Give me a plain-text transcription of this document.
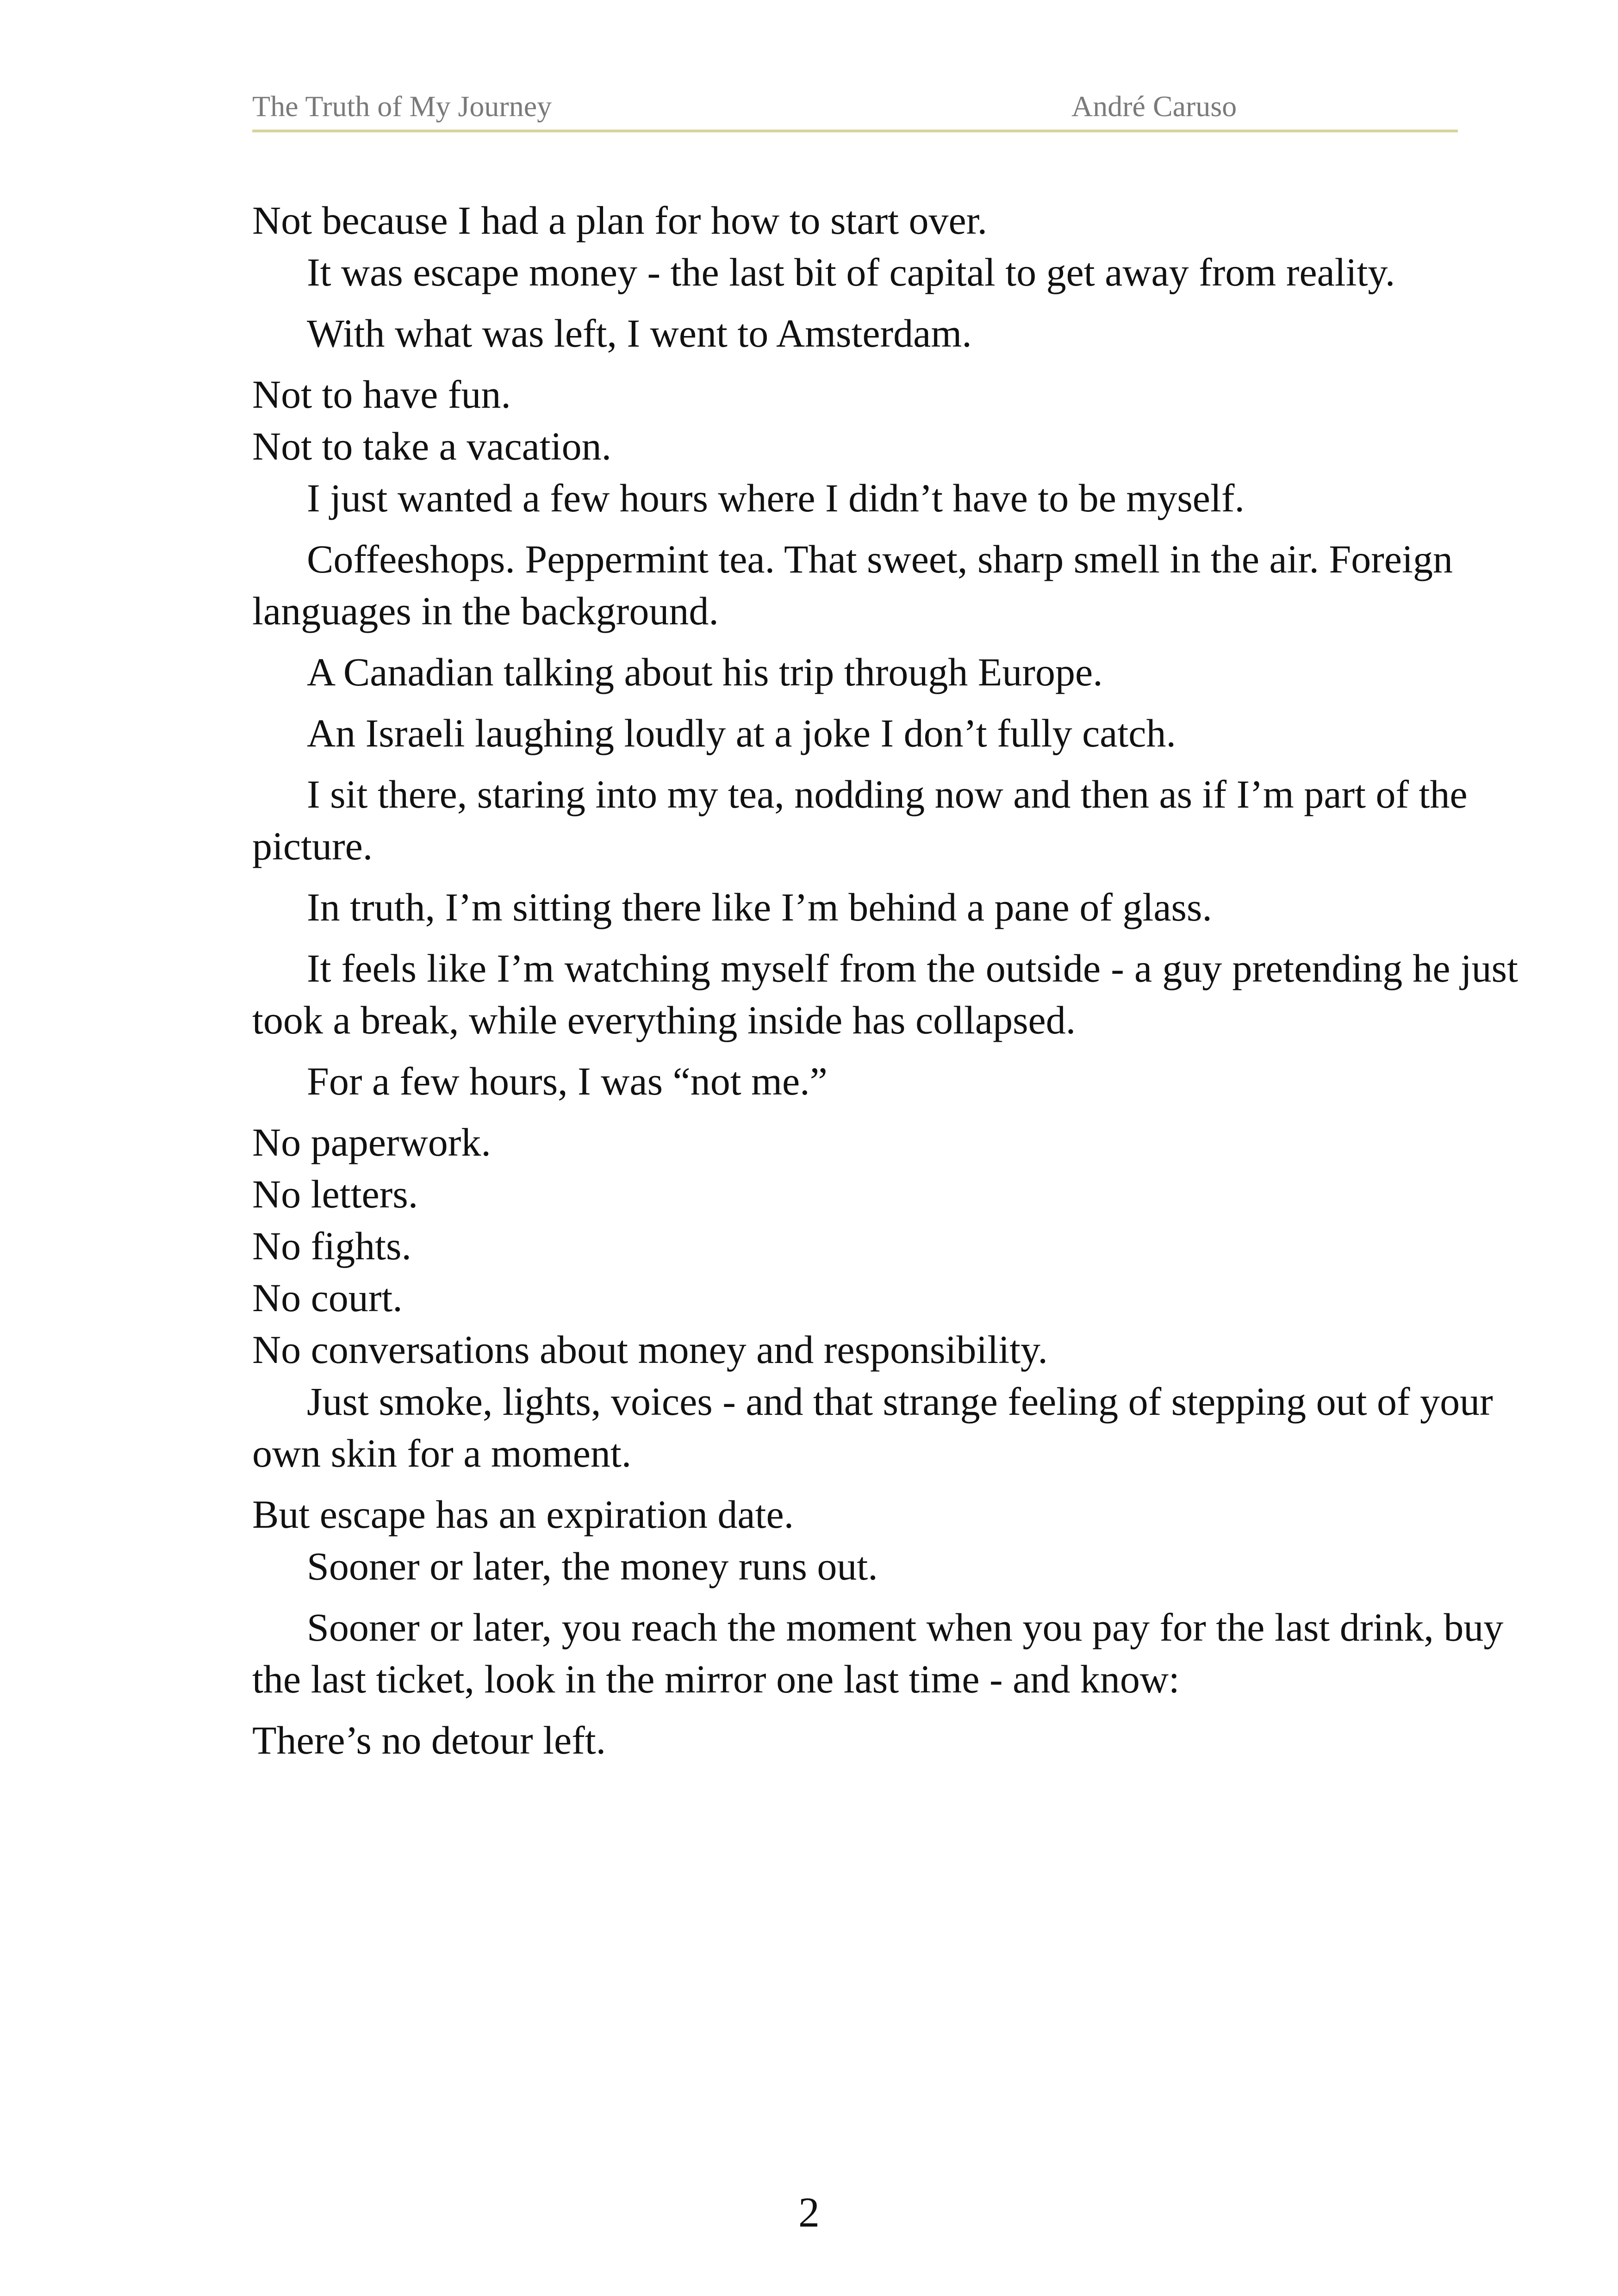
The Truth of My Journey	André Caruso

Not because I had a plan for how to start over.

It was escape money - the last bit of capital to get away from reality.

With what was left, I went to Amsterdam.

Not to have fun.

Not to take a vacation.

I just wanted a few hours where I didn’t have to be myself.

Coffeeshops. Peppermint tea. That sweet, sharp smell in the air. Foreign languages in the background.

A Canadian talking about his trip through Europe.

An Israeli laughing loudly at a joke I don’t fully catch.

I sit there, staring into my tea, nodding now and then as if I’m part of the picture.

In truth, I’m sitting there like I’m behind a pane of glass.

It feels like I’m watching myself from the outside - a guy pretending he just took a break, while everything inside has collapsed.

For a few hours, I was “not me.”

No paperwork.

No letters.

No fights.

No court.

No conversations about money and responsibility.

Just smoke, lights, voices - and that strange feeling of stepping out of your own skin for a moment.

But escape has an expiration date.

Sooner or later, the money runs out.

Sooner or later, you reach the moment when you pay for the last drink, buy the last ticket, look in the mirror one last time - and know:

There’s no detour left.

2
